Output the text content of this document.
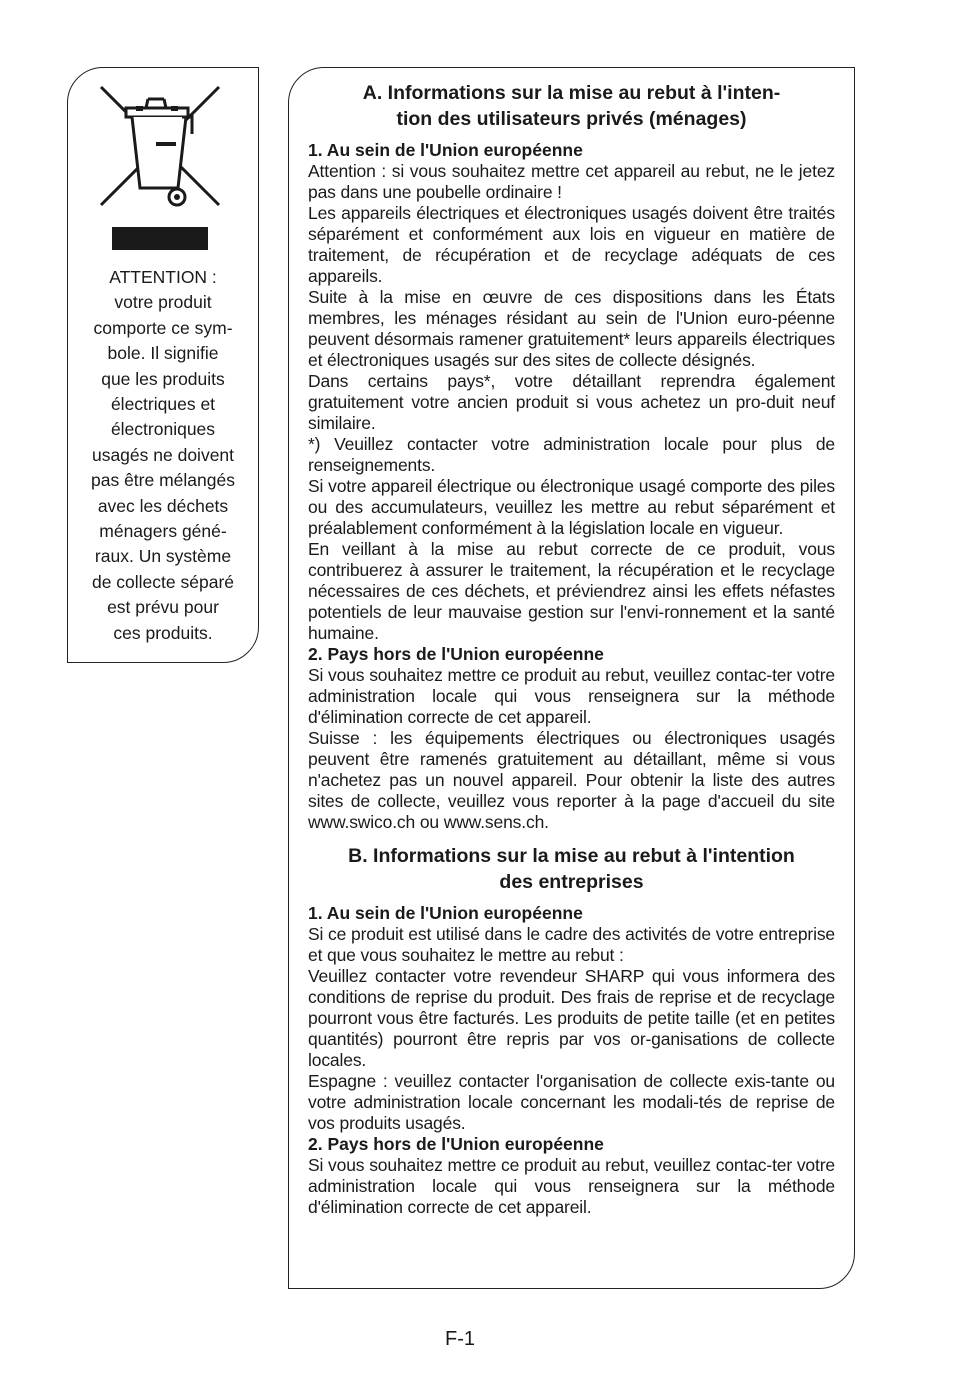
ATTENTION :

votre produit

comporte ce sym-

bole. Il signifie

que les produits

électriques et

électroniques

usagés ne doivent

pas être mélangés

avec les déchets

ménagers géné-

raux. Un système

de collecte séparé

est prévu pour

ces produits.

A. Informations sur la mise au rebut à l'inten-
tion des utilisateurs privés (ménages)

1. Au sein de l'Union européenne

Attention : si vous souhaitez mettre cet appareil au rebut, ne le jetez pas dans une poubelle ordinaire !

Les appareils électriques et électroniques usagés doivent être traités séparément et conformément aux lois en vigueur en matière de traitement, de récupération et de recyclage adéquats de ces appareils.

Suite à la mise en œuvre de ces dispositions dans les États membres, les ménages résidant au sein de l'Union euro-péenne peuvent désormais ramener gratuitement* leurs appareils électriques et électroniques usagés sur des sites de collecte désignés.

Dans certains pays*, votre détaillant reprendra également gratuitement votre ancien produit si vous achetez un pro-duit neuf similaire.

*) Veuillez contacter votre administration locale pour plus de renseignements.

Si votre appareil électrique ou électronique usagé comporte des piles ou des accumulateurs, veuillez les mettre au rebut séparément et préalablement conformément à la législation locale en vigueur.

En veillant à la mise au rebut correcte de ce produit, vous contribuerez à assurer le traitement, la récupération et le recyclage nécessaires de ces déchets, et préviendrez ainsi les effets néfastes potentiels de leur mauvaise gestion sur l'envi-ronnement et la santé humaine.

2. Pays hors de l'Union européenne

Si vous souhaitez mettre ce produit au rebut, veuillez contac-ter votre administration locale qui vous renseignera sur la méthode d'élimination correcte de cet appareil.

Suisse : les équipements électriques ou électroniques usagés peuvent être ramenés gratuitement au détaillant, même si vous n'achetez pas un nouvel appareil. Pour obtenir la liste des autres sites de collecte, veuillez vous reporter à la page d'accueil du site www.swico.ch ou www.sens.ch.

B. Informations sur la mise au rebut à l'intention
des entreprises

1. Au sein de l'Union européenne

Si ce produit est utilisé dans le cadre des activités de votre entreprise et que vous souhaitez le mettre au rebut :

Veuillez contacter votre revendeur SHARP qui vous informera des conditions de reprise du produit. Des frais de reprise et de recyclage pourront vous être facturés. Les produits de petite taille (et en petites quantités) pourront être repris par vos or-ganisations de collecte locales.

Espagne : veuillez contacter l'organisation de collecte exis-tante ou votre administration locale concernant les modali-tés de reprise de vos produits usagés.

2. Pays hors de l'Union européenne

Si vous souhaitez mettre ce produit au rebut, veuillez contac-ter votre administration locale qui vous renseignera sur la méthode d'élimination correcte de cet appareil.

F-1
